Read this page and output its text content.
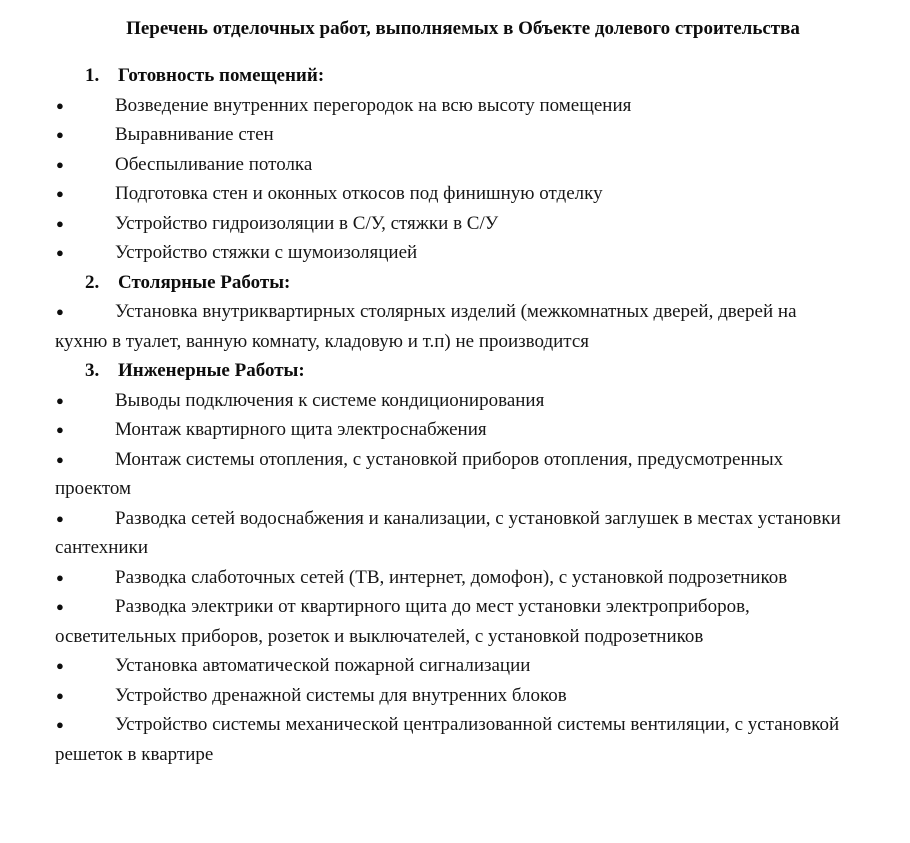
Перечень отделочных работ, выполняемых в Объекте долевого строительства
1. Готовность помещений:
●	Возведение внутренних перегородок на всю высоту помещения
●	Выравнивание стен
●	Обеспыливание потолка
●	Подготовка стен и оконных откосов под финишную отделку
●	Устройство гидроизоляции в С/У, стяжки в С/У
●	Устройство стяжки с шумоизоляцией
2. Столярные Работы:
●	Установка внутриквартирных столярных изделий (межкомнатных дверей, дверей на кухню в туалет, ванную комнату, кладовую и т.п) не производится
3. Инженерные Работы:
●	Выводы подключения к системе кондиционирования
●	Монтаж квартирного щита электроснабжения
●	Монтаж системы отопления, с установкой приборов отопления, предусмотренных проектом
●	Разводка сетей водоснабжения и канализации, с установкой заглушек в местах установки сантехники
●	Разводка слаботочных сетей (ТВ, интернет, домофон), с установкой подрозетников
●	Разводка электрики от квартирного щита до мест установки электроприборов, осветительных приборов, розеток и выключателей, с установкой подрозетников
●	Установка автоматической пожарной сигнализации
●	Устройство дренажной системы для внутренних блоков
●	Устройство системы механической централизованной системы вентиляции, с установкой решеток в квартире
